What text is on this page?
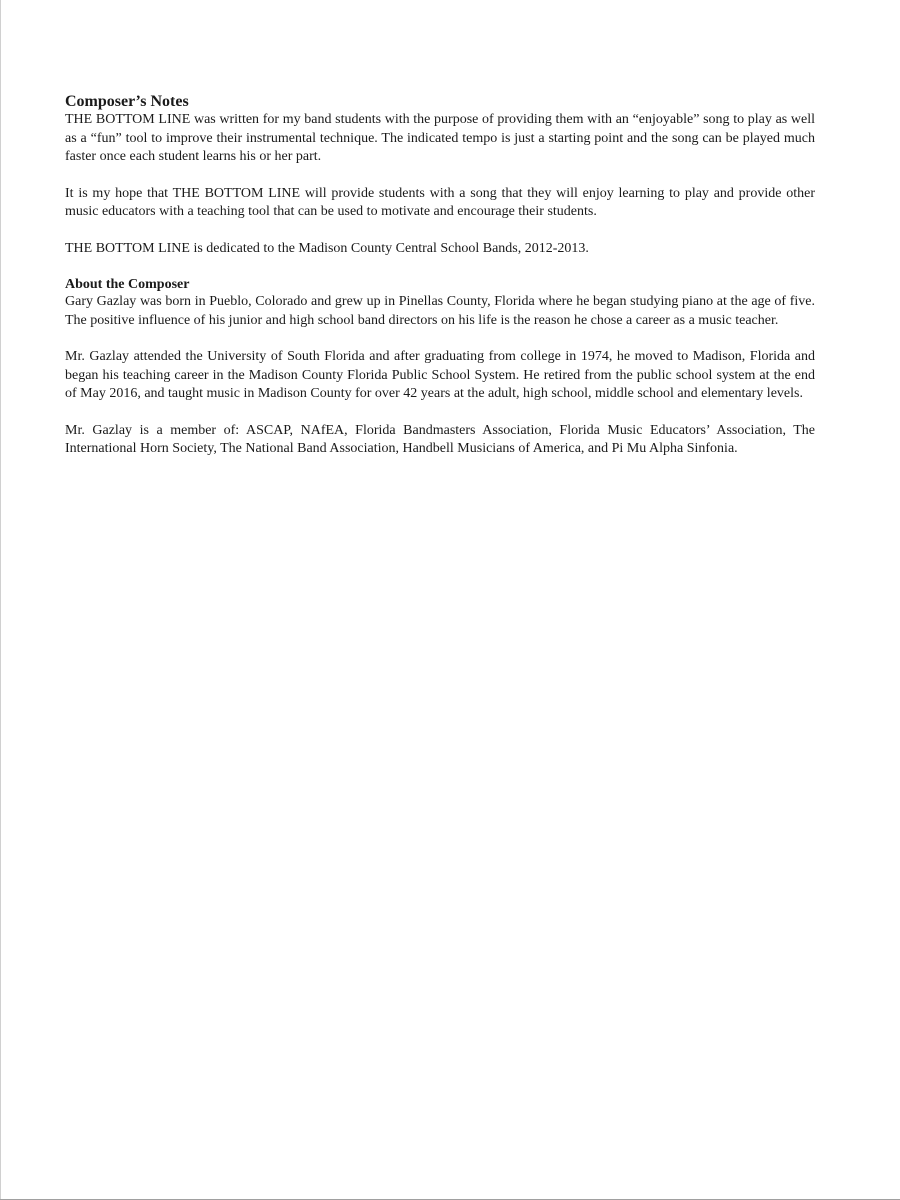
Composer’s Notes

THE BOTTOM LINE was written for my band students with the purpose of providing them with an “enjoyable” song to play as well as a “fun” tool to improve their instrumental technique. The indicated tempo is just a starting point and the song can be played much faster once each student learns his or her part.

It is my hope that THE BOTTOM LINE will provide students with a song that they will enjoy learning to play and provide other music educators with a teaching tool that can be used to motivate and encourage their students.

THE BOTTOM LINE is dedicated to the Madison County Central School Bands, 2012-2013.

About the Composer

Gary Gazlay was born in Pueblo, Colorado and grew up in Pinellas County, Florida where he began studying piano at the age of five. The positive influence of his junior and high school band directors on his life is the reason he chose a career as a music teacher.

Mr. Gazlay attended the University of South Florida and after graduating from college in 1974, he moved to Madison, Florida and began his teaching career in the Madison County Florida Public School System. He retired from the public school system at the end of May 2016, and taught music in Madison County for over 42 years at the adult, high school, middle school and elementary levels.

Mr. Gazlay is a member of: ASCAP, NAfEA, Florida Bandmasters Association, Florida Music Educators’ Association, The International Horn Society, The National Band Association, Handbell Musicians of America, and Pi Mu Alpha Sinfonia.
